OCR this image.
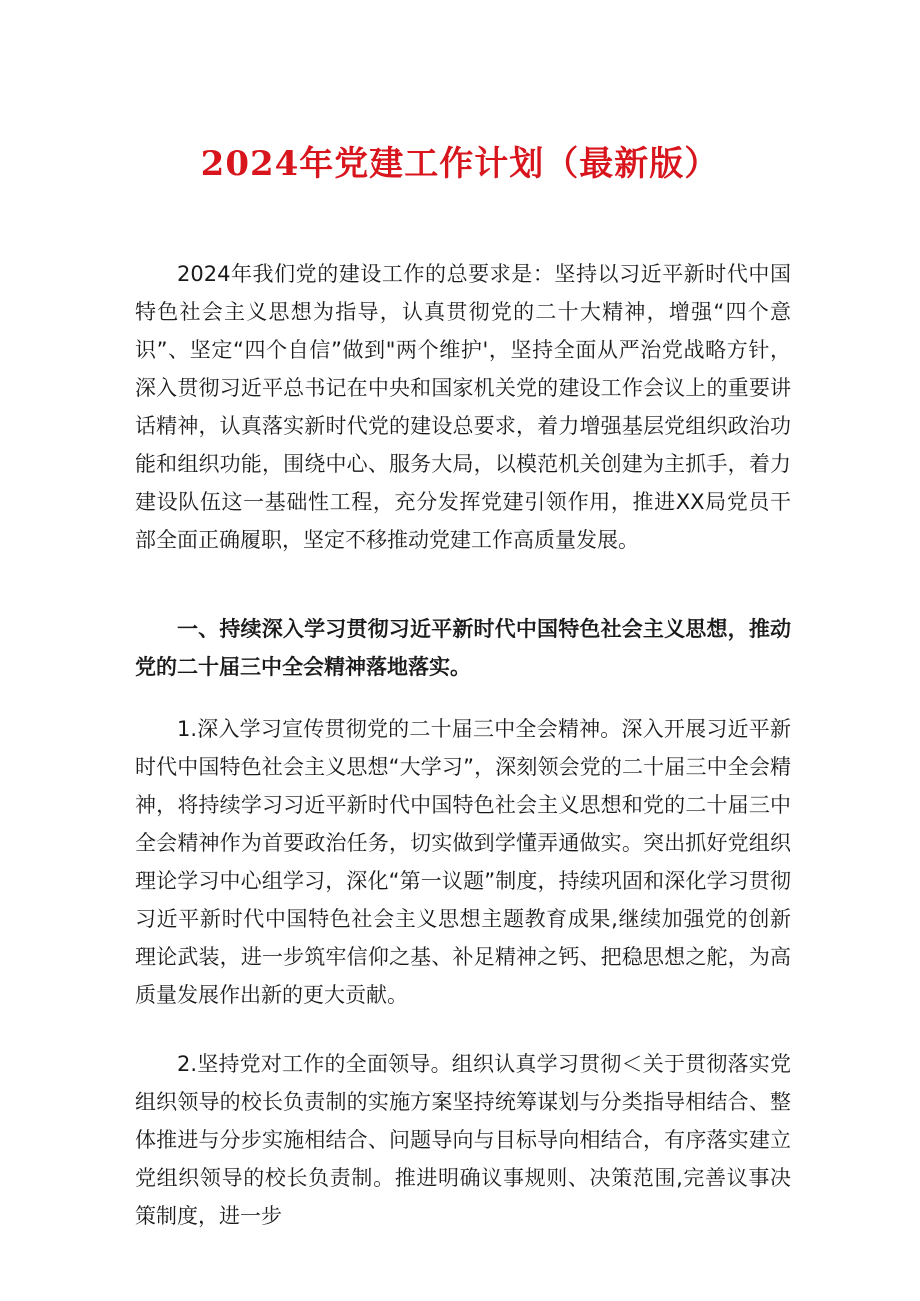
2024年党建工作计划（最新版）

2024年我们党的建设工作的总要求是：坚持以习近平新时代中国特色社会主义思想为指导，认真贯彻党的二十大精神，增强“四个意识”、坚定“四个自信”做到"两个维护'，坚持全面从严治党战略方针，深入贯彻习近平总书记在中央和国家机关党的建设工作会议上的重要讲话精神，认真落实新时代党的建设总要求，着力增强基层党组织政治功能和组织功能，围绕中心、服务大局，以模范机关创建为主抓手，着力建设队伍这一基础性工程，充分发挥党建引领作用，推进XX局党员干部全面正确履职，坚定不移推动党建工作高质量发展。

一、持续深入学习贯彻习近平新时代中国特色社会主义思想，推动党的二十届三中全会精神落地落实。

1.深入学习宣传贯彻党的二十届三中全会精神。深入开展习近平新时代中国特色社会主义思想“大学习”，深刻领会党的二十届三中全会精神，将持续学习习近平新时代中国特色社会主义思想和党的二十届三中全会精神作为首要政治任务，切实做到学懂弄通做实。突出抓好党组织理论学习中心组学习，深化“第一议题”制度，持续巩固和深化学习贯彻习近平新时代中国特色社会主义思想主题教育成果,继续加强党的创新理论武装，进一步筑牢信仰之基、补足精神之钙、把稳思想之舵，为高质量发展作出新的更大贡献。

2.坚持党对工作的全面领导。组织认真学习贯彻＜关于贯彻落实党组织领导的校长负责制的实施方案坚持统筹谋划与分类指导相结合、整体推进与分步实施相结合、问题导向与目标导向相结合，有序落实建立党组织领导的校长负责制。推进明确议事规则、决策范围,完善议事决策制度，进一步
